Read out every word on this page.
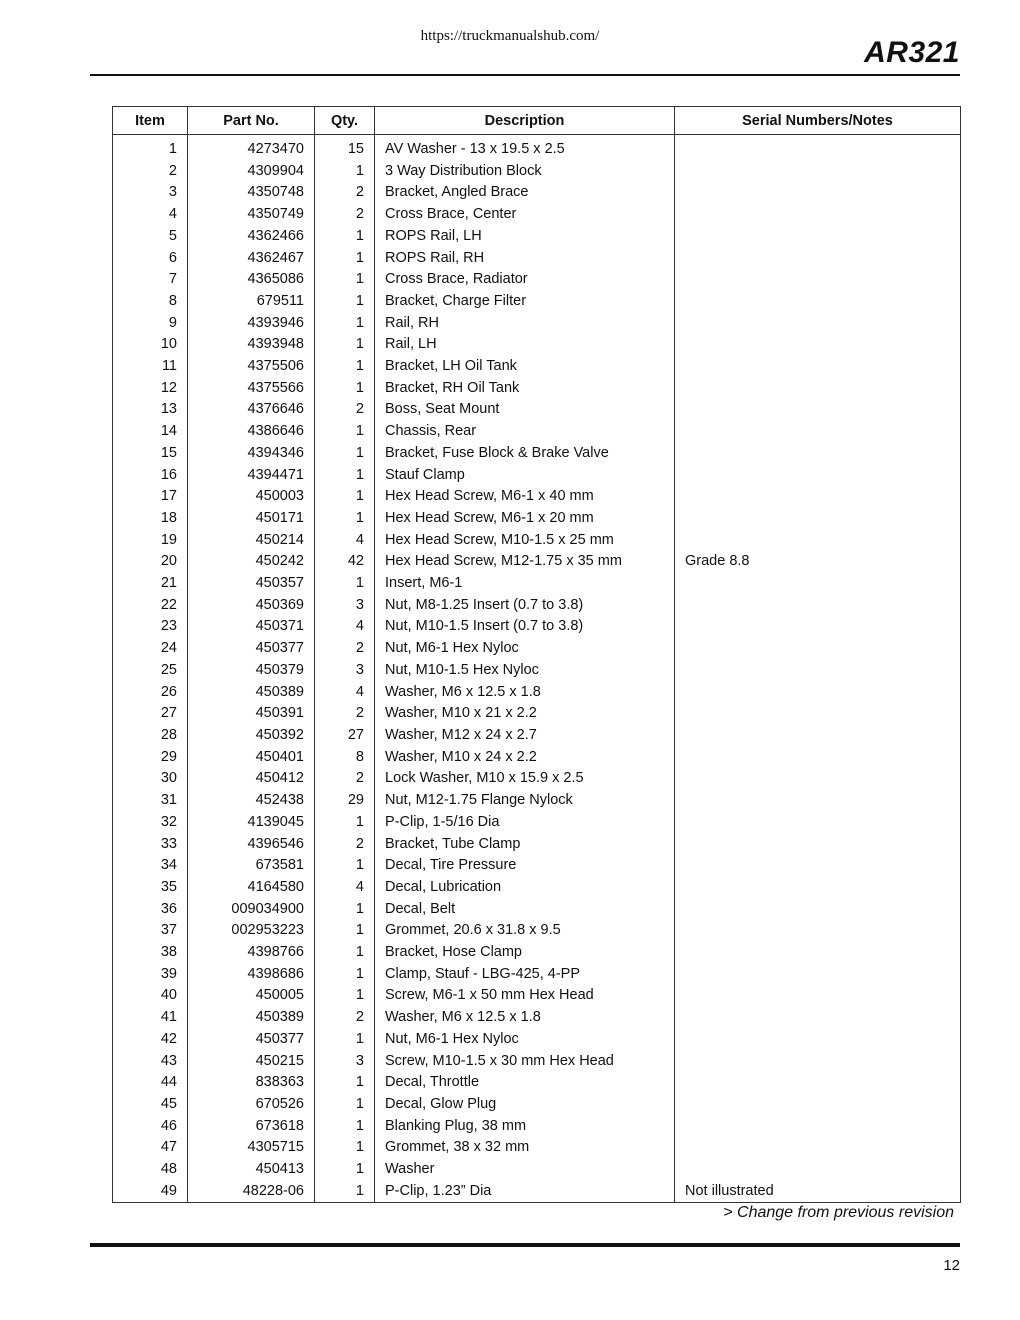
https://truckmanualshub.com/	AR321
Item	Part No.	Qty.	Description	Serial Numbers/Notes
1	4273470	15	AV Washer - 13 x 19.5 x 2.5	
2	4309904	1	3 Way Distribution Block	
3	4350748	2	Bracket, Angled Brace	
4	4350749	2	Cross Brace, Center	
5	4362466	1	ROPS Rail, LH	
6	4362467	1	ROPS Rail, RH	
7	4365086	1	Cross Brace, Radiator	
8	679511	1	Bracket, Charge Filter	
9	4393946	1	Rail, RH	
10	4393948	1	Rail, LH	
11	4375506	1	Bracket, LH Oil Tank	
12	4375566	1	Bracket, RH Oil Tank	
13	4376646	2	Boss, Seat Mount	
14	4386646	1	Chassis, Rear	
15	4394346	1	Bracket, Fuse Block & Brake Valve	
16	4394471	1	Stauf Clamp	
17	450003	1	Hex Head Screw, M6-1 x 40 mm	
18	450171	1	Hex Head Screw, M6-1 x 20 mm	
19	450214	4	Hex Head Screw, M10-1.5 x 25 mm	
20	450242	42	Hex Head Screw, M12-1.75 x 35 mm	Grade 8.8
21	450357	1	Insert, M6-1	
22	450369	3	Nut, M8-1.25 Insert (0.7 to 3.8)	
23	450371	4	Nut, M10-1.5 Insert (0.7 to 3.8)	
24	450377	2	Nut, M6-1 Hex Nyloc	
25	450379	3	Nut, M10-1.5 Hex Nyloc	
26	450389	4	Washer, M6 x 12.5 x 1.8	
27	450391	2	Washer, M10 x 21 x 2.2	
28	450392	27	Washer, M12 x 24 x 2.7	
29	450401	8	Washer, M10 x 24 x 2.2	
30	450412	2	Lock Washer, M10 x 15.9 x 2.5	
31	452438	29	Nut, M12-1.75 Flange Nylock	
32	4139045	1	P-Clip, 1-5/16 Dia	
33	4396546	2	Bracket, Tube Clamp	
34	673581	1	Decal, Tire Pressure	
35	4164580	4	Decal, Lubrication	
36	009034900	1	Decal, Belt	
37	002953223	1	Grommet, 20.6 x 31.8 x 9.5	
38	4398766	1	Bracket, Hose Clamp	
39	4398686	1	Clamp, Stauf - LBG-425, 4-PP	
40	450005	1	Screw, M6-1 x 50 mm Hex Head	
41	450389	2	Washer, M6 x 12.5 x 1.8	
42	450377	1	Nut, M6-1 Hex Nyloc	
43	450215	3	Screw, M10-1.5 x 30 mm Hex Head	
44	838363	1	Decal, Throttle	
45	670526	1	Decal, Glow Plug	
46	673618	1	Blanking Plug, 38 mm	
47	4305715	1	Grommet, 38 x 32 mm	
48	450413	1	Washer	
49	48228-06	1	P-Clip, 1.23” Dia	Not illustrated
> Change from previous revision
12
